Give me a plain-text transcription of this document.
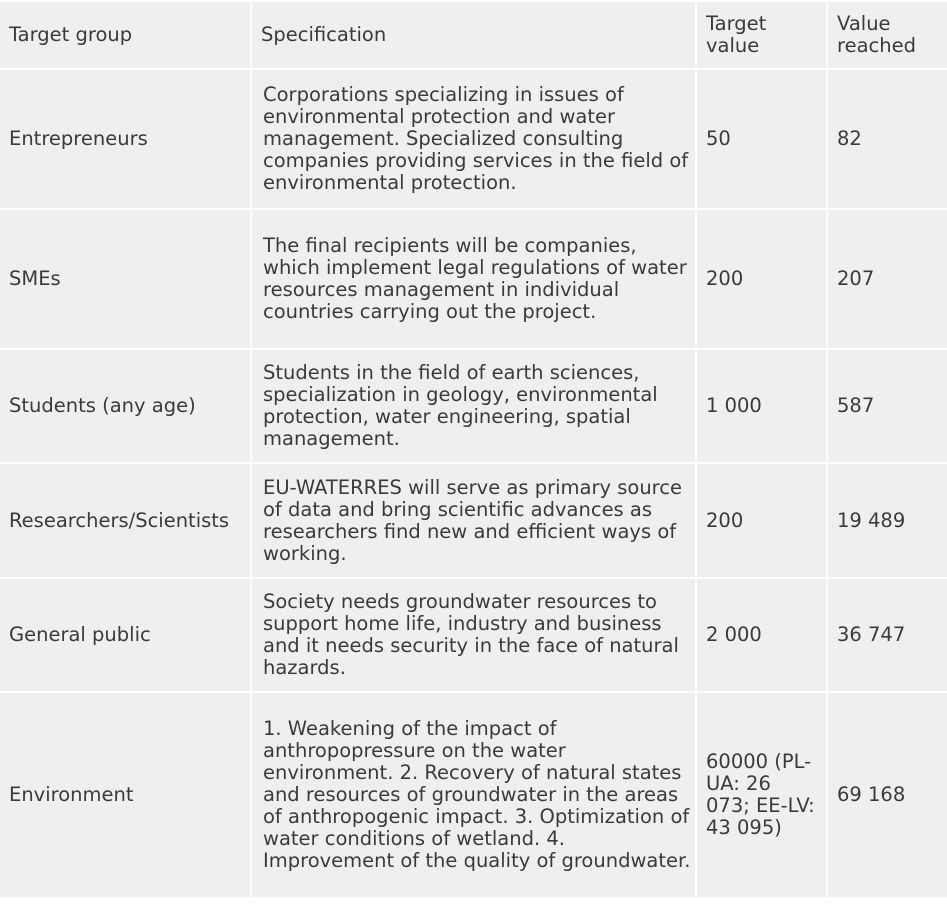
Target group	Specification	Target value	Value reached
Entrepreneurs	Corporations specializing in issues of environmental protection and water management. Specialized consulting companies providing services in the field of environmental protection.	50	82
SMEs	The final recipients will be companies, which implement legal regulations of water resources management in individual countries carrying out the project.	200	207
Students (any age)	Students in the field of earth sciences, specialization in geology, environmental protection, water engineering, spatial management.	1 000	587
Researchers/Scientists	EU-WATERRES will serve as primary source of data and bring scientific advances as researchers find new and efficient ways of working.	200	19 489
General public	Society needs groundwater resources to support home life, industry and business and it needs security in the face of natural hazards.	2 000	36 747
Environment	1. Weakening of the impact of anthropopressure on the water environment. 2. Recovery of natural states and resources of groundwater in the areas of anthropogenic impact. 3. Optimization of water conditions of wetland. 4. Improvement of the quality of groundwater.	60000 (PL-UA: 26 073; EE-LV: 43 095)	69 168
